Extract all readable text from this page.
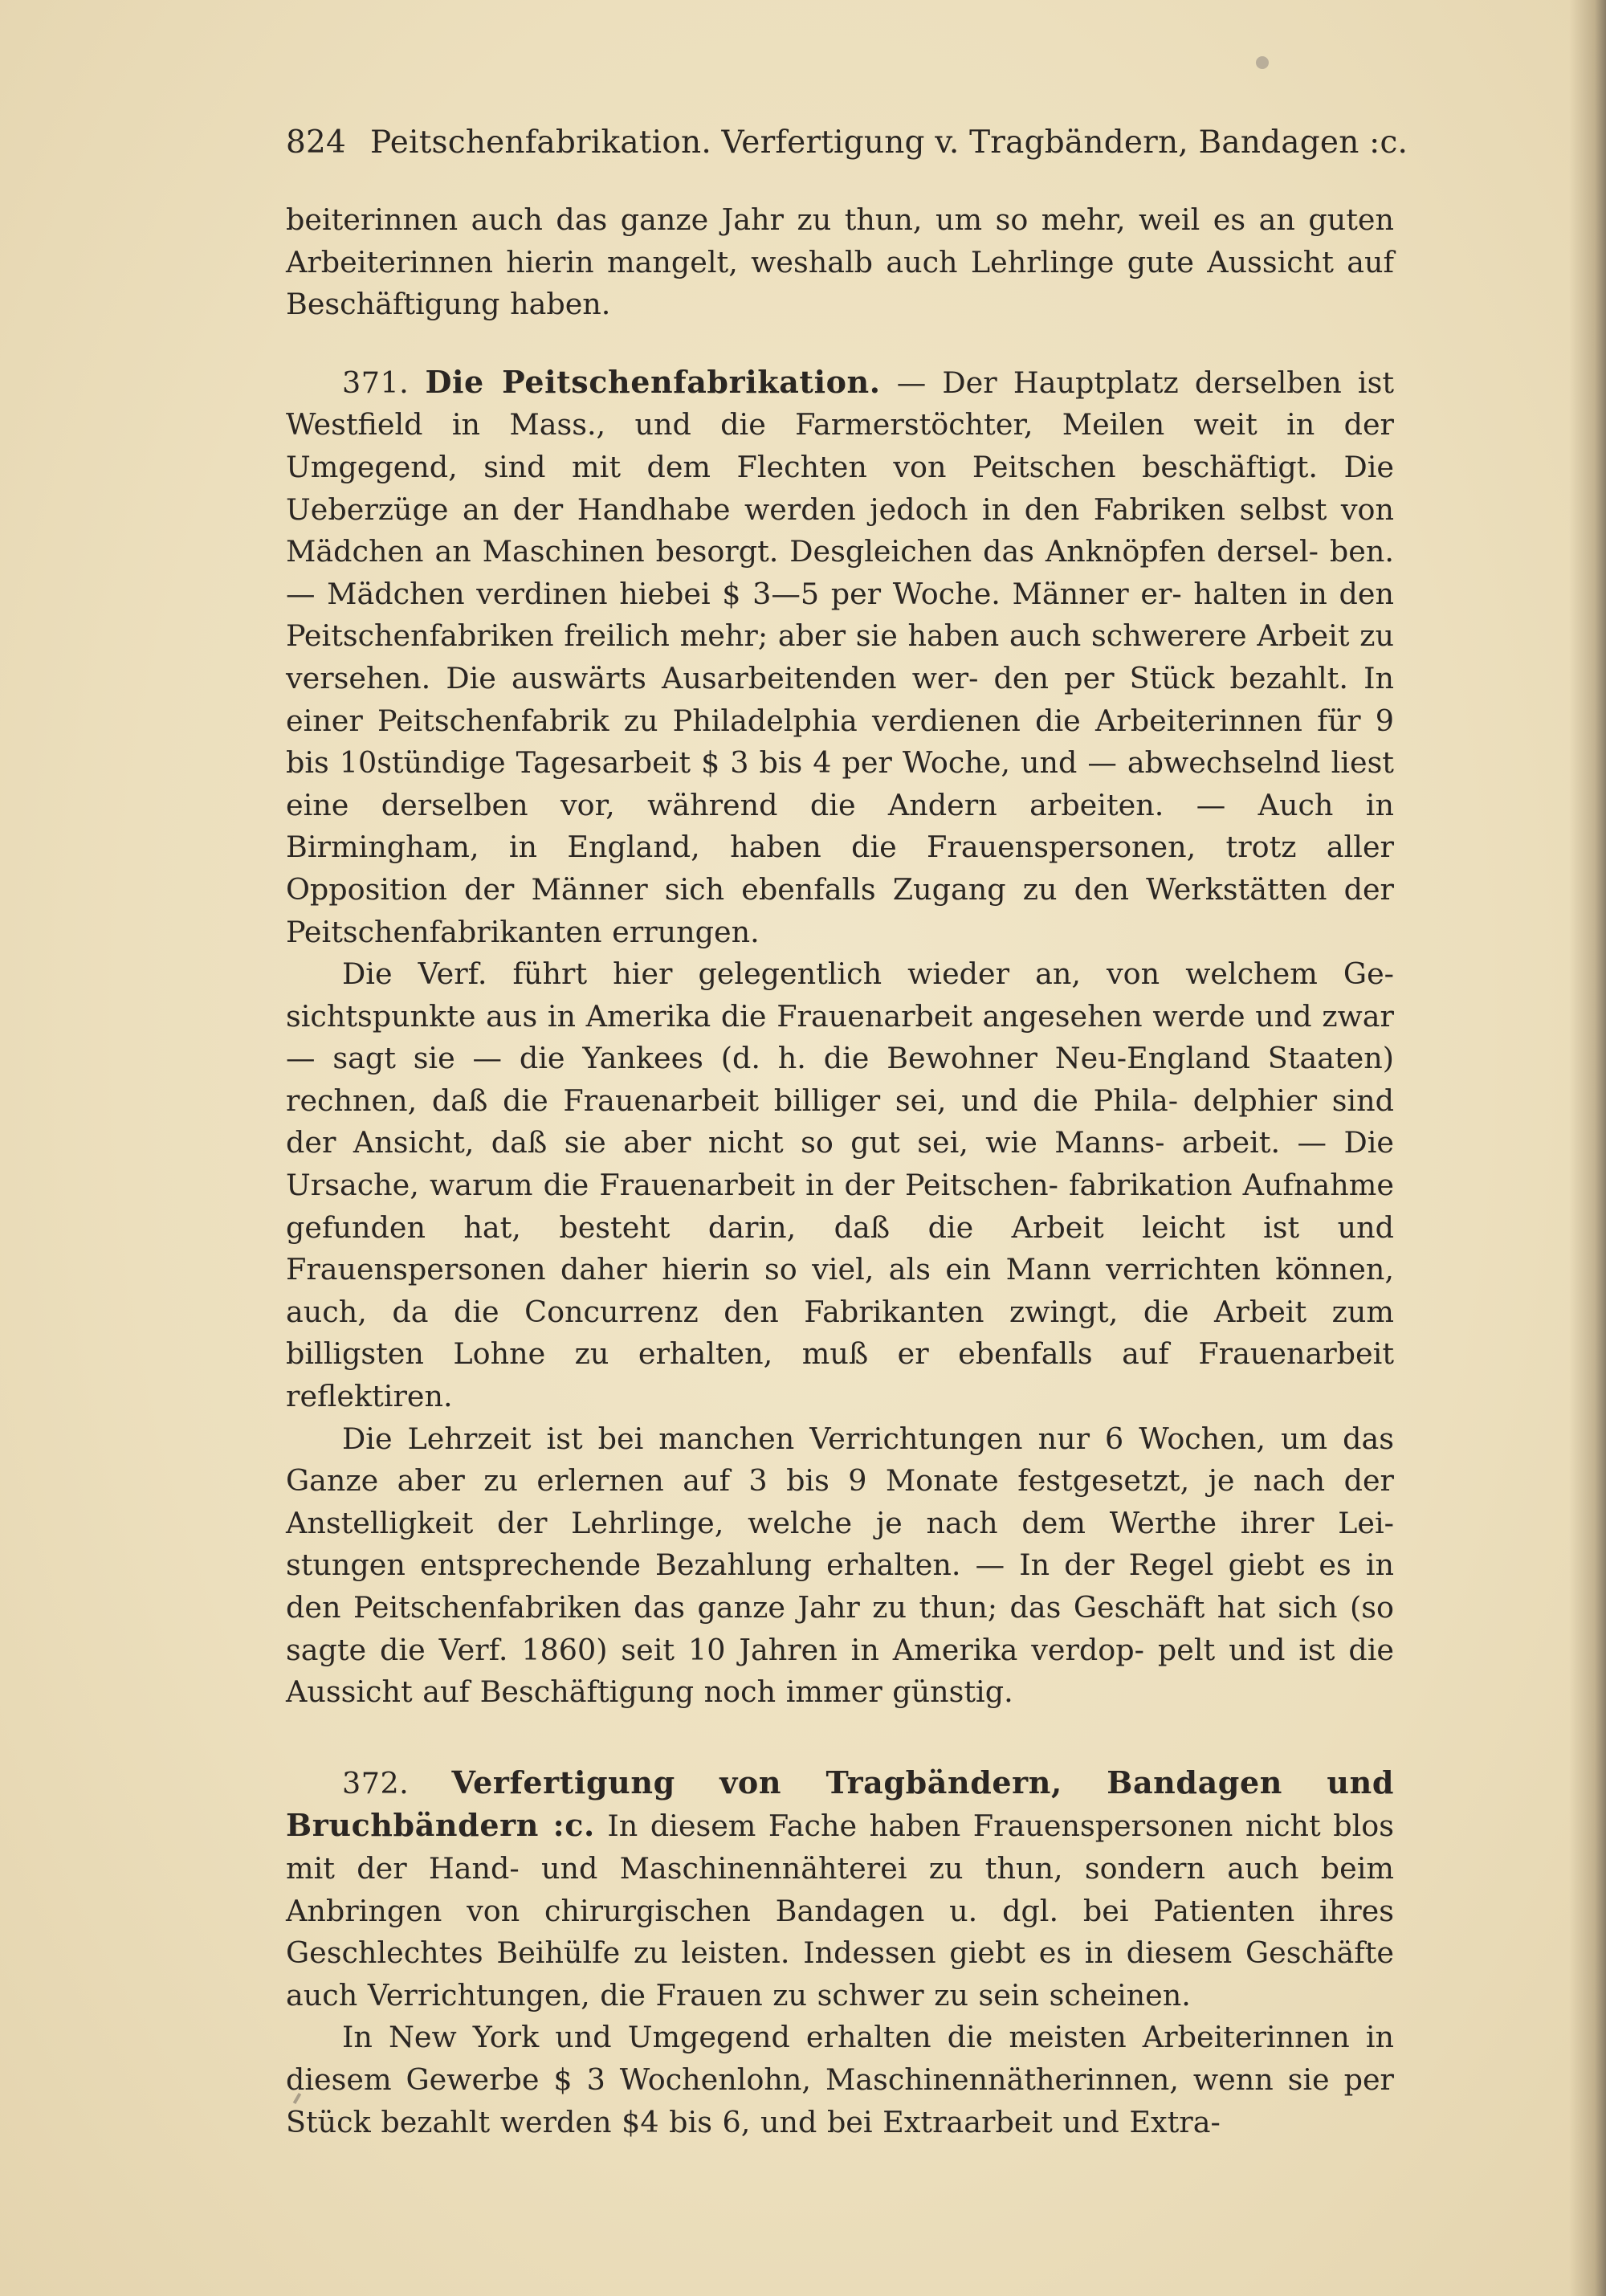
824 Peitschenfabrikation. Verfertigung v. Tragbändern, Bandagen :c.

beiterinnen auch das ganze Jahr zu thun, um so mehr, weil es an guten Arbeiterinnen hierin mangelt, weshalb auch Lehrlinge gute Aussicht auf Beschäftigung haben.

371. Die Peitschenfabrikation. — Der Hauptplatz derselben ist Westfield in Mass., und die Farmerstöchter, Meilen weit in der Umgegend, sind mit dem Flechten von Peitschen beschäftigt. Die Ueberzüge an der Handhabe werden jedoch in den Fabriken selbst von Mädchen an Maschinen besorgt. Desgleichen das Anknöpfen dersel- ben. — Mädchen verdinen hiebei $ 3—5 per Woche. Männer er- halten in den Peitschenfabriken freilich mehr; aber sie haben auch schwerere Arbeit zu versehen. Die auswärts Ausarbeitenden wer- den per Stück bezahlt. In einer Peitschenfabrik zu Philadelphia verdienen die Arbeiterinnen für 9 bis 10stündige Tagesarbeit $ 3 bis 4 per Woche, und — abwechselnd liest eine derselben vor, während die Andern arbeiten. — Auch in Birmingham, in England, haben die Frauenspersonen, trotz aller Opposition der Männer sich ebenfalls Zugang zu den Werkstätten der Peitschenfabrikanten errungen.

Die Verf. führt hier gelegentlich wieder an, von welchem Ge- sichtspunkte aus in Amerika die Frauenarbeit angesehen werde und zwar — sagt sie — die Yankees (d. h. die Bewohner Neu-England Staaten) rechnen, daß die Frauenarbeit billiger sei, und die Phila- delphier sind der Ansicht, daß sie aber nicht so gut sei, wie Manns- arbeit. — Die Ursache, warum die Frauenarbeit in der Peitschen- fabrikation Aufnahme gefunden hat, besteht darin, daß die Arbeit leicht ist und Frauenspersonen daher hierin so viel, als ein Mann verrichten können, auch, da die Concurrenz den Fabrikanten zwingt, die Arbeit zum billigsten Lohne zu erhalten, muß er ebenfalls auf Frauenarbeit reflektiren.

Die Lehrzeit ist bei manchen Verrichtungen nur 6 Wochen, um das Ganze aber zu erlernen auf 3 bis 9 Monate festgesetzt, je nach der Anstelligkeit der Lehrlinge, welche je nach dem Werthe ihrer Lei- stungen entsprechende Bezahlung erhalten. — In der Regel giebt es in den Peitschenfabriken das ganze Jahr zu thun; das Geschäft hat sich (so sagte die Verf. 1860) seit 10 Jahren in Amerika verdop- pelt und ist die Aussicht auf Beschäftigung noch immer günstig.

372. Verfertigung von Tragbändern, Bandagen und Bruchbändern :c. In diesem Fache haben Frauenspersonen nicht blos mit der Hand- und Maschinennähterei zu thun, sondern auch beim Anbringen von chirurgischen Bandagen u. dgl. bei Patienten ihres Geschlechtes Beihülfe zu leisten. Indessen giebt es in diesem Geschäfte auch Verrichtungen, die Frauen zu schwer zu sein scheinen.

In New York und Umgegend erhalten die meisten Arbeiterinnen in diesem Gewerbe $ 3 Wochenlohn, Maschinennätherinnen, wenn sie per Stück bezahlt werden $4 bis 6, und bei Extraarbeit und Extra-
